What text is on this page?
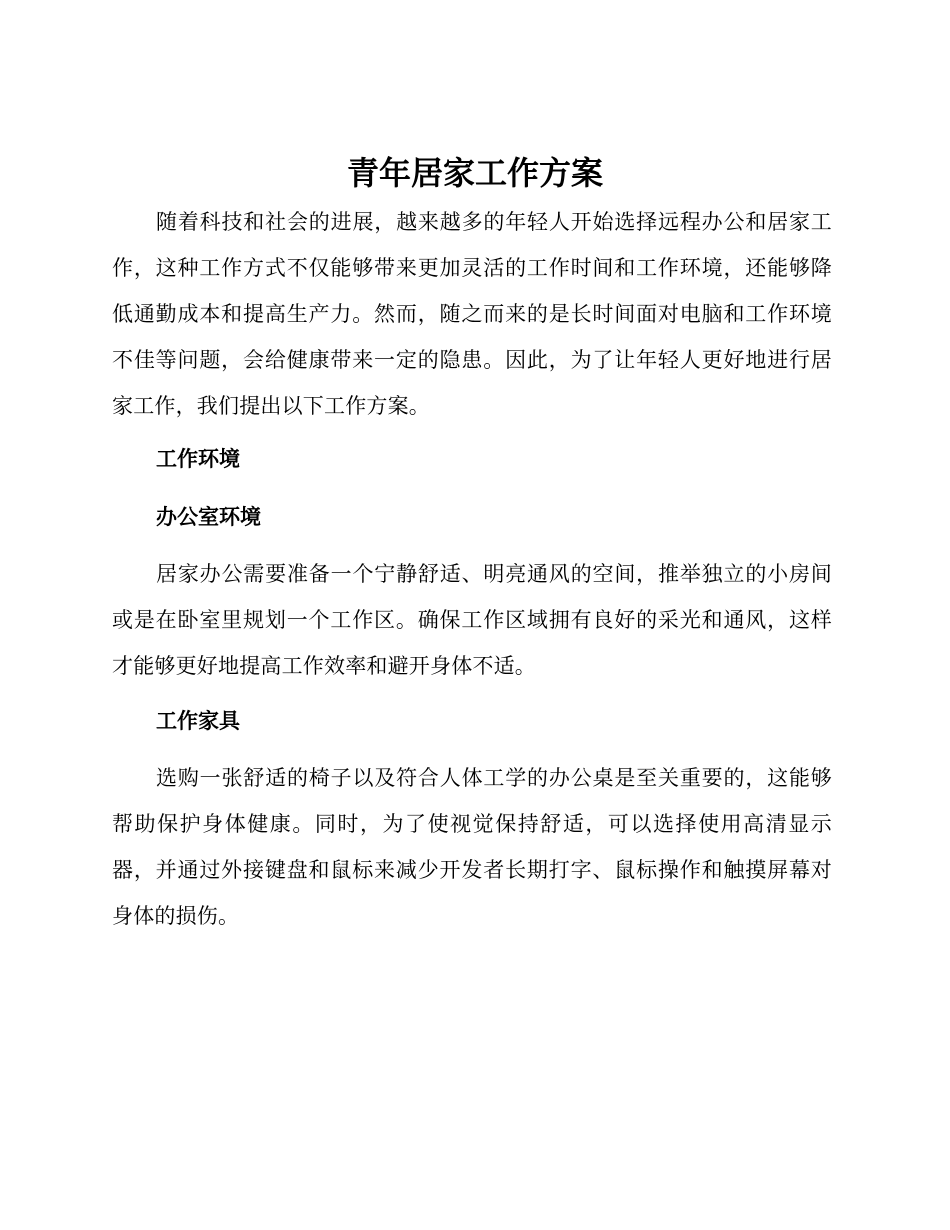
青年居家工作方案

随着科技和社会的进展，越来越多的年轻人开始选择远程办公和居家工作，这种工作方式不仅能够带来更加灵活的工作时间和工作环境，还能够降低通勤成本和提高生产力。然而，随之而来的是长时间面对电脑和工作环境不佳等问题，会给健康带来一定的隐患。因此，为了让年轻人更好地进行居家工作，我们提出以下工作方案。

工作环境
办公室环境

居家办公需要准备一个宁静舒适、明亮通风的空间，推举独立的小房间或是在卧室里规划一个工作区。确保工作区域拥有良好的采光和通风，这样才能够更好地提高工作效率和避开身体不适。

工作家具

选购一张舒适的椅子以及符合人体工学的办公桌是至关重要的，这能够帮助保护身体健康。同时，为了使视觉保持舒适，可以选择使用高清显示器，并通过外接键盘和鼠标来减少开发者长期打字、鼠标操作和触摸屏幕对身体的损伤。
